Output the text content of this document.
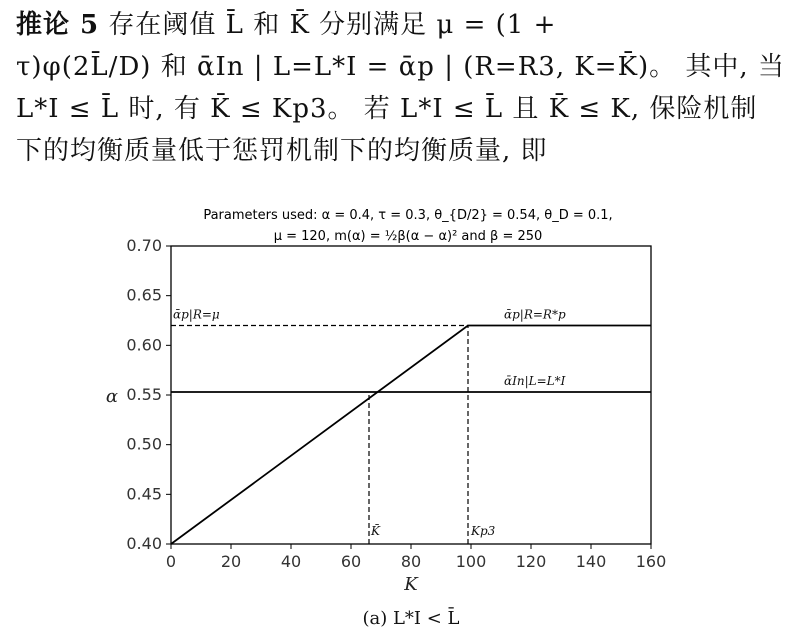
推论 5 存在阈值 L̄ 和 K̄ 分别满足 μ = (1 +
τ)φ(2L̄/D) 和 ᾱIn | L=L*I = ᾱp | (R=R3, K=K̄)。 其中, 当
L*I ≤ L̄ 时, 有 K̄ ≤ Kp3。 若 L*I ≤ L̄ 且 K̄ ≤ K, 保险机制
下的均衡质量低于惩罚机制下的均衡质量, 即
Parameters used: α = 0.4, τ = 0.3, θ_{D/2} = 0.54, θ_D = 0.1,
μ = 120, m(α) = ½β(α − α)² and β = 250
0	20 40 60 80 100 120 140 160
0.40
0.45
0.50
0.55
0.60
0.65
0.70
ᾱp|R=μ	ᾱp|R=R*p
ᾱIn|L=L*I
K̄	Kp3
K
α
(a) L*I < L̄
